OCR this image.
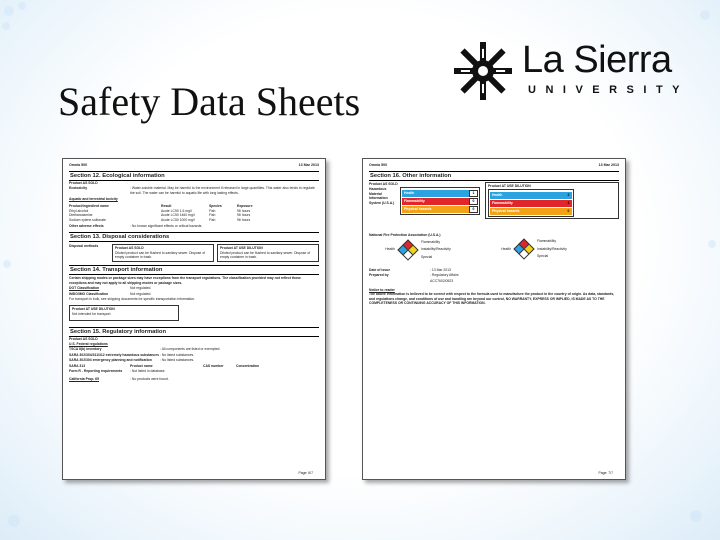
Safety Data Sheets
La Sierra
UNIVERSITY
Omnia 500	13 Mar 2013
Section 12. Ecological information
Product AS SOLD
Ecotoxicity	: Water-soluble material. May be harmful to the environment if released in large quantities. This water also tends to regulate the soil. The water can be harmful to aquatic life with long lasting effects.
Aquatic and terrestrial toxicity
Product/ingredient name	Result	Species	Exposure
Ethyl alcohol	Acute LC50 1.6 mg/l	Fish	96 hours
Diethanolamine	Acute LC50 1460 mg/l	Fish	96 hours
Sodium xylene sulfonate	Acute LC50 1000 mg/l	Fish	96 hours
Other adverse effects	: No known significant effects or critical hazards.
Section 13. Disposal considerations
Disposal methods	Product AS SOLD
Diluted product can be flushed to sanitary sewer. Dispose of empty container in trash.
Product AT USE DILUTION
Diluted product can be flushed to sanitary sewer. Dispose of empty container in trash.
Section 14. Transport information
Certain shipping modes or package sizes may have exceptions from the transport regulations. The classification provided may not reflect those exceptions and may not apply to all shipping modes or package sizes.
DOT Classification	Not regulated.
IMDG/IMO Classification	Not regulated.
For transport in bulk, see shipping documents for specific transportation information.
Product AT USE DILUTION
Not intended for transport.
Section 15. Regulatory information
Product AS SOLD
U.S. Federal regulations
TSCA 8(b) inventory	: All components are listed or exempted.
SARA 302/304/311/312 extremely hazardous substances : No listed substances.
SARA 302/304 emergency planning and notification	: No listed substances.
SARA 313	Product name	CAS number	Concentration
Form R - Reporting requirements	: Not listed in database.
California Prop. 65	: No products were found.
Page: 6/7
Omnia 500	13 Mar 2013
Section 16. Other information
Product AS SOLD
Hazardous Material Information System (U.S.A.)
Health	1
Flammability	0
Physical hazards	0
Product AT USE DILUTION
Health	2
Flammability	3
Physical hazards	0
National Fire Protection Association (U.S.A.)
Health
Flammability
Instability/Reactivity
Special
Health
Flammability
Instability/Reactivity
Special
Date of issue	: 13 Mar 2013
Prepared by	: Regulatory Affairs
ACC7602/0523
Notice to reader
The above information is believed to be correct with respect to the formula used to manufacture the product in the country of origin. As data, standards, and regulations change, and conditions of use and handling are beyond our control, NO WARRANTY, EXPRESS OR IMPLIED, IS MADE AS TO THE COMPLETENESS OR CONTINUING ACCURACY OF THIS INFORMATION.
Page: 7/7
